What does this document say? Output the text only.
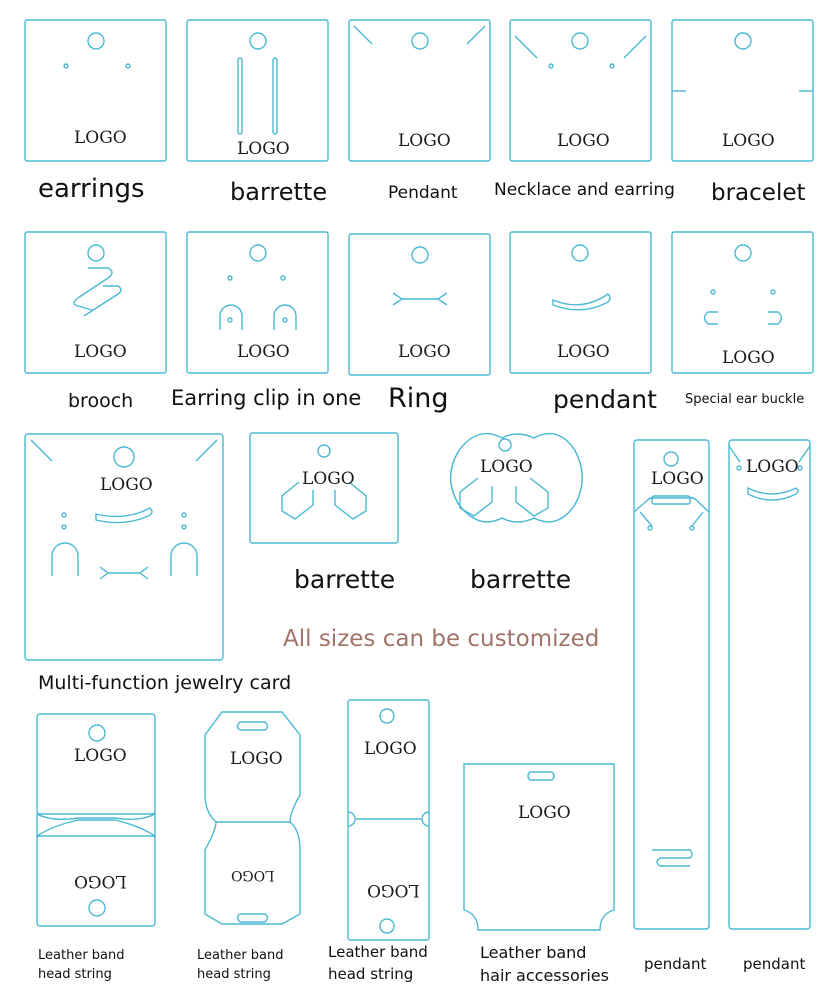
LOGO
LOGO	LOGO	LOGO	LOGO
LOGO	LOGO	LOGO	LOGO	LOGO
LOGO	LOGO
LOGO
LOGO
LOGO
LOGO
LOGO
LOGO
LOGO
LOGO
LOGO
LOGO
earrings	barrette	Pendant Necklace and earring bracelet
brooch Earring clip in one Ring	pendant Special ear buckle
barrette	barrette
All sizes can be customized
Multi-function jewelry card
Leather band head string
Leather band head string
Leather band head string
Leather band hair accessories
pendant pendant
